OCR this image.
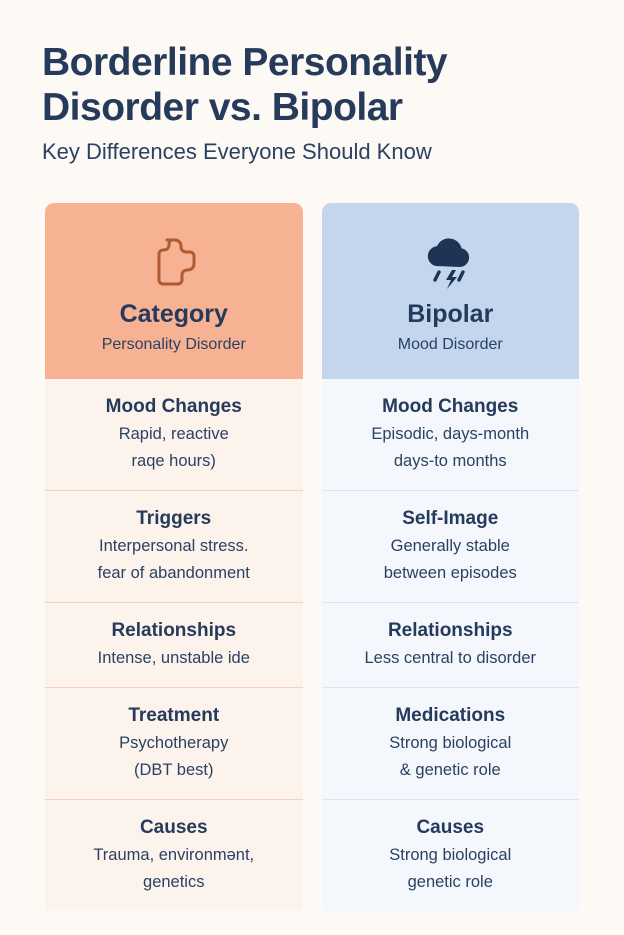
Borderline Personality
Disorder vs. Bipolar
Key Differences Everyone Should Know
Category
Personality Disorder
Mood Changes
Rapid, reactive
raqe hours)
Triggers
Interpersonal stress.
fear of abandonment
Relationships
Intense, unstable ide
Treatment
Psychotherapy
(DBT best)
Causes
Trauma, environmǝnt,
genetics
Bipolar
Mood Disorder
Mood Changes
Episodic, days-month
days-to months
Self-Image
Generally stable
between episodes
Relationships
Less central to disorder
Medications
Strong biological
& genetic role
Causes
Strong biological
genetic role
